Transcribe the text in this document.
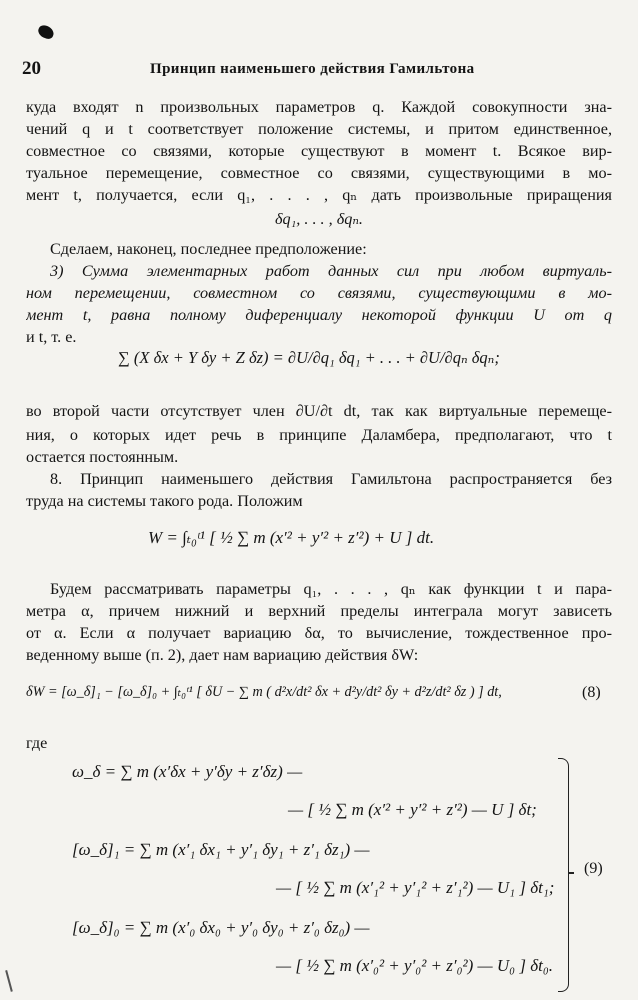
20	Принцип наименьшего действия Гамильтона
куда входят n произвольных параметров q. Каждой совокупности зна-
чений q и t соответствует положение системы, и притом единственное,
совместное со связями, которые существуют в момент t. Всякое вир-
туальное перемещение, совместное со связями, существующими в мо-
мент t, получается, если q₁, . . . , qₙ дать произвольные приращения
δq₁, . . . , δqₙ.
Сделаем, наконец, последнее предположение:
3) Сумма элементарных работ данных сил при любом виртуаль-
ном перемещении, совместном со связями, существующими в мо-
мент t, равна полному диференциалу некоторой функции U от q
и t, т. е.
∑ (X δx + Y δy + Z δz) = ∂U/∂q₁ δq₁ + . . . + ∂U/∂qₙ δqₙ;
во второй части отсутствует член ∂U/∂t dt, так как виртуальные перемеще-
ния, о которых идет речь в принципе Даламбера, предполагают, что t
остается постоянным.
8. Принцип наименьшего действия Гамильтона распространяется без
труда на системы такого рода. Положим
W = ∫ₜ₀ᵗ¹ [ ½ ∑ m (x′² + y′² + z′²) + U ] dt.
Будем рассматривать параметры q₁, . . . , qₙ как функции t и пара-
метра α, причем нижний и верхний пределы интеграла могут зависеть
от α. Если α получает вариацию δα, то вычисление, тождественное про-
веденному выше (п. 2), дает нам вариацию действия δW:
δW = [ω_δ]₁ − [ω_δ]₀ + ∫ₜ₀ᵗ¹ [ δU − ∑ m ( d²x/dt² δx + d²y/dt² δy + d²z/dt² δz ) ] dt,	(8)
где
ω_δ = ∑ m (x′δx + y′δy + z′δz) —
— [ ½ ∑ m (x′² + y′² + z′²) — U ] δt;
[ω_δ]₁ = ∑ m (x′₁ δx₁ + y′₁ δy₁ + z′₁ δz₁) —
— [ ½ ∑ m (x′₁² + y′₁² + z′₁²) — U₁ ] δt₁;
[ω_δ]₀ = ∑ m (x′₀ δx₀ + y′₀ δy₀ + z′₀ δz₀) —
— [ ½ ∑ m (x′₀² + y′₀² + z′₀²) — U₀ ] δt₀.
(9)
